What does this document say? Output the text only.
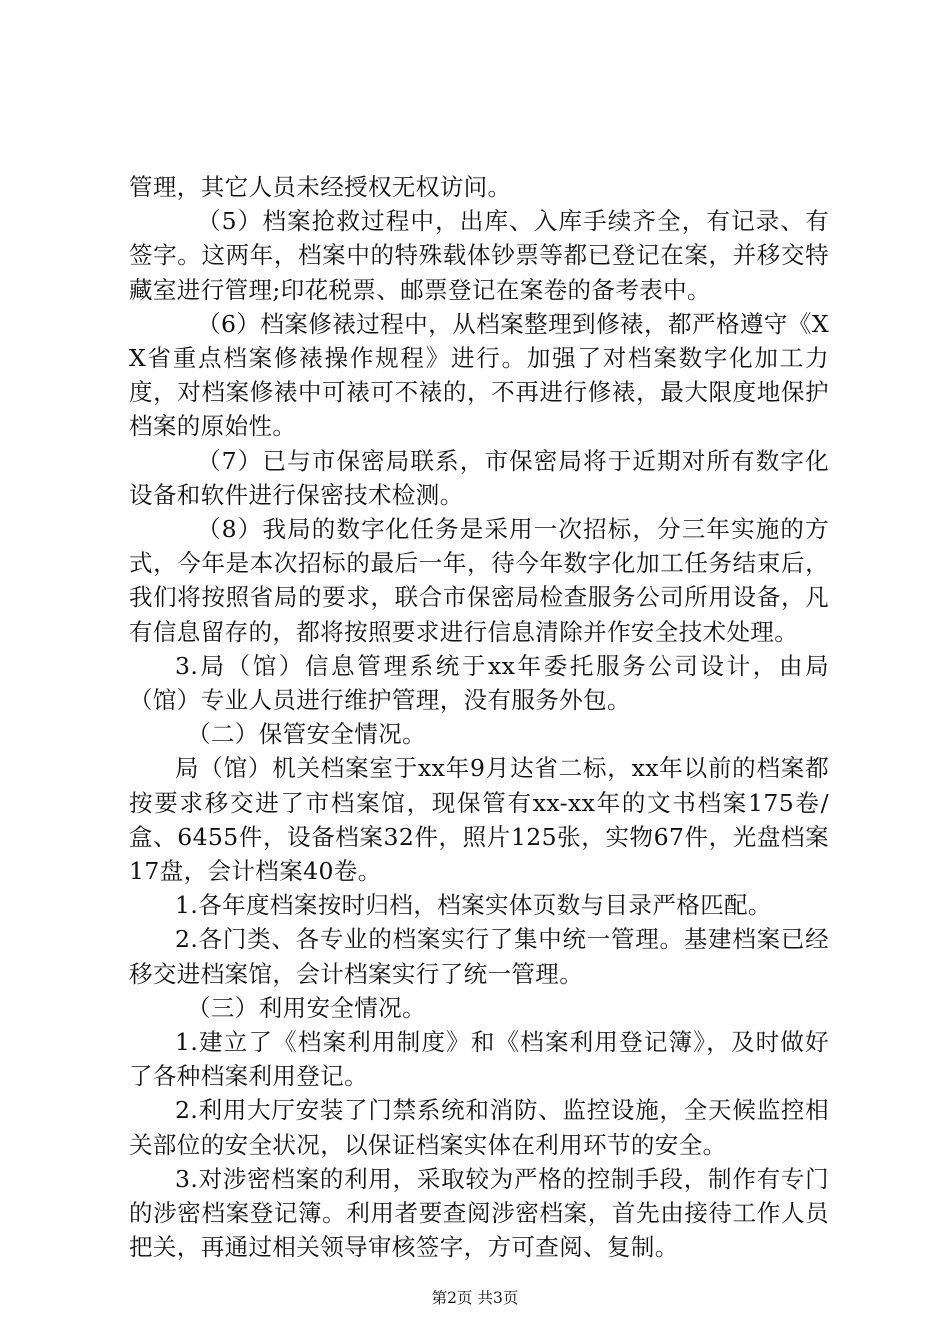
管理，其它人员未经授权无权访问。

（5）档案抢救过程中，出库、入库手续齐全，有记录、有签字。这两年，档案中的特殊载体钞票等都已登记在案，并移交特藏室进行管理;印花税票、邮票登记在案卷的备考表中。

（6）档案修裱过程中，从档案整理到修裱，都严格遵守《XX省重点档案修裱操作规程》进行。加强了对档案数字化加工力度，对档案修裱中可裱可不裱的，不再进行修裱，最大限度地保护档案的原始性。

（7）已与市保密局联系，市保密局将于近期对所有数字化设备和软件进行保密技术检测。

（8）我局的数字化任务是采用一次招标，分三年实施的方式，今年是本次招标的最后一年，待今年数字化加工任务结束后，我们将按照省局的要求，联合市保密局检查服务公司所用设备，凡有信息留存的，都将按照要求进行信息清除并作安全技术处理。

3.局（馆）信息管理系统于xx年委托服务公司设计，由局（馆）专业人员进行维护管理，没有服务外包。

（二）保管安全情况。

局（馆）机关档案室于xx年9月达省二标，xx年以前的档案都按要求移交进了市档案馆，现保管有xx-xx年的文书档案175卷/盒、6455件，设备档案32件，照片125张，实物67件，光盘档案17盘，会计档案40卷。

1.各年度档案按时归档，档案实体页数与目录严格匹配。

2.各门类、各专业的档案实行了集中统一管理。基建档案已经移交进档案馆，会计档案实行了统一管理。

（三）利用安全情况。

1.建立了《档案利用制度》和《档案利用登记簿》，及时做好了各种档案利用登记。

2.利用大厅安装了门禁系统和消防、监控设施，全天候监控相关部位的安全状况，以保证档案实体在利用环节的安全。

3.对涉密档案的利用，采取较为严格的控制手段，制作有专门的涉密档案登记簿。利用者要查阅涉密档案，首先由接待工作人员把关，再通过相关领导审核签字，方可查阅、复制。

第2页 共3页
